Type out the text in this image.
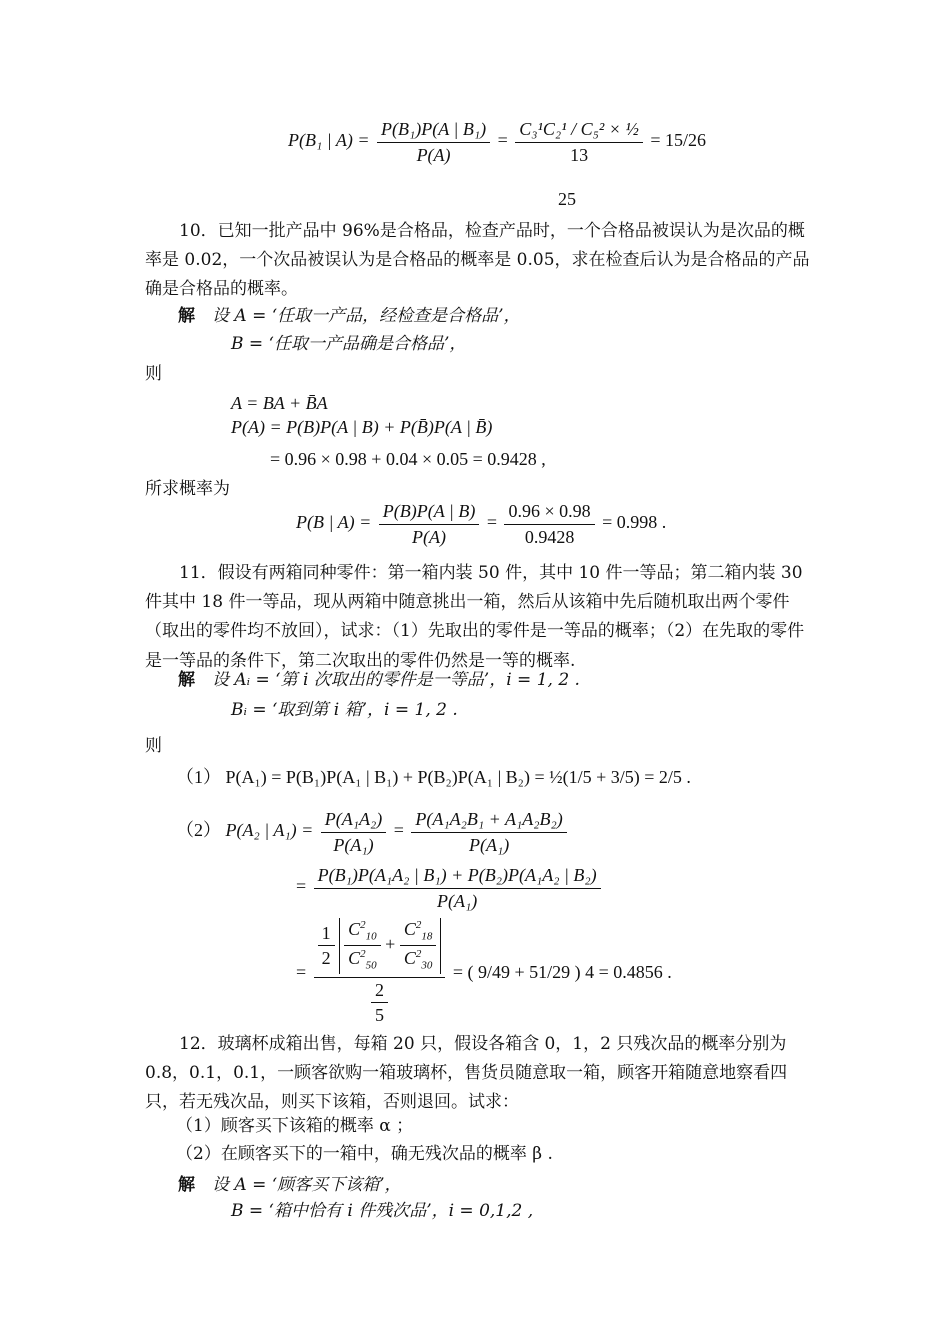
P(B₁ | $A) = \frac{\text{P(B₁)P(A | B₁)}}{P(A)} = \frac{\text{C₃¹C₂¹ / C₅² × ½}}{13} = 15/26$
25
10．已知一批产品中 96%是合格品，检查产品时，一个合格品被误认为是次品的概率是 0.02，一个次品被误认为是合格品的概率是 0.05，求在检查后认为是合格品的产品确是合格品的概率。
解 设 A = ‘任取一产品，经检查是合格品’，
B = ‘任取一产品确是合格品’，
则
A = BA + B̄A
P(A) = P(B)P(A | B) + P(B̄)P(A | B̄)
= 0.96 × 0.98 + 0.04 × 0.05 = 0.9428 ,
所求概率为
P(B | $A) = \frac{P(B)P(A | B)}{P(A)} = \frac{0.96 \times 0.98}{0.9428} = 0.998$ .
11．假设有两箱同种零件：第一箱内装 50 件，其中 10 件一等品；第二箱内装 30 件其中 18 件一等品，现从两箱中随意挑出一箱，然后从该箱中先后随机取出两个零件（取出的零件均不放回），试求：（1）先取出的零件是一等品的概率；（2）在先取的零件是一等品的条件下，第二次取出的零件仍然是一等的概率.
解 设 Aᵢ = ‘第 i 次取出的零件是一等品’，i = 1, 2 .
Bᵢ = ‘取到第 i 箱’，i = 1, 2 .
则
（1） P(A₁) = P(B₁)P(A₁ | B₁) + P(B₂)P(A₁ | B₂) = ½(1/5 + 3/5) = 2/5 .
（2） P(A₂ | $A_1) = \frac{\text{P(A₁A₂)}}{\text{P(A₁)}} = \frac{\text{P(A₁A₂B₁ + A₁A₂B₂)}}{\text{P(A₁)}}$
= $\frac{\text{P(B₁)P(A₁A₂ | B₁) + P(B₂)P(A₁A₂ | B₂)}}{\text{P(A₁)}}$
= $\frac{1}{2}$
$\frac{C^2_{10}}{C^2_{50}} + \frac{C^2_{18}}{C^2_{30}}$
$\frac{2}{5}$ = ( 9/49 + 51/29 ) 4 = 0.4856 .
12．玻璃杯成箱出售，每箱 20 只，假设各箱含 0，1，2 只残次品的概率分别为 0.8，0.1，0.1，一顾客欲购一箱玻璃杯，售货员随意取一箱，顾客开箱随意地察看四只，若无残次品，则买下该箱，否则退回。试求：
（1）顾客买下该箱的概率 α ；
（2）在顾客买下的一箱中，确无残次品的概率 β .
解 设 A = ‘顾客买下该箱’，
B = ‘箱中恰有 i 件残次品’，i = 0,1,2 ,
